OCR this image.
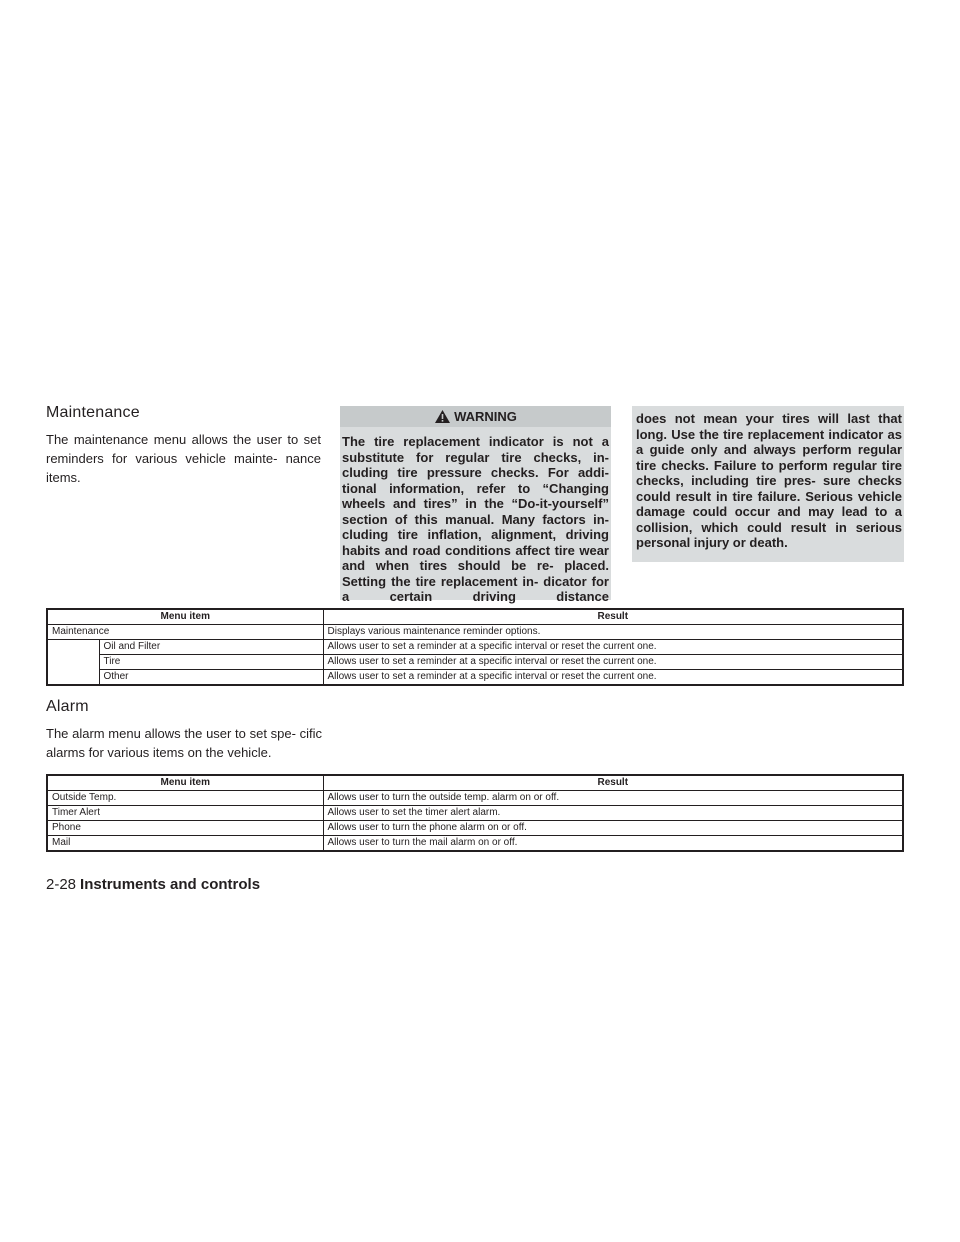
Maintenance

The maintenance menu allows the user to set reminders for various vehicle mainte- nance items.

WARNING

The tire replacement indicator is not a substitute for regular tire checks, in- cluding tire pressure checks. For addi- tional information, refer to “Changing wheels and tires” in the “Do-it-yourself” section of this manual. Many factors in- cluding tire inflation, alignment, driving habits and road conditions affect tire wear and when tires should be re- placed. Setting the tire replacement in- dicator for a certain driving distance

does not mean your tires will last that long. Use the tire replacement indicator as a guide only and always perform regular tire checks. Failure to perform regular tire checks, including tire pres- sure checks could result in tire failure. Serious vehicle damage could occur and may lead to a collision, which could result in serious personal injury or death.

Menu item		Result
Maintenance		Displays various maintenance reminder options.
	Oil and Filter	Allows user to set a reminder at a specific interval or reset the current one.
	Tire	Allows user to set a reminder at a specific interval or reset the current one.
	Other	Allows user to set a reminder at a specific interval or reset the current one.
Alarm

The alarm menu allows the user to set spe- cific alarms for various items on the vehicle.

Menu item	Result
Outside Temp.	Allows user to turn the outside temp. alarm on or off.
Timer Alert	Allows user to set the timer alert alarm.
Phone	Allows user to turn the phone alarm on or off.
Mail	Allows user to turn the mail alarm on or off.
2-28 Instruments and controls
